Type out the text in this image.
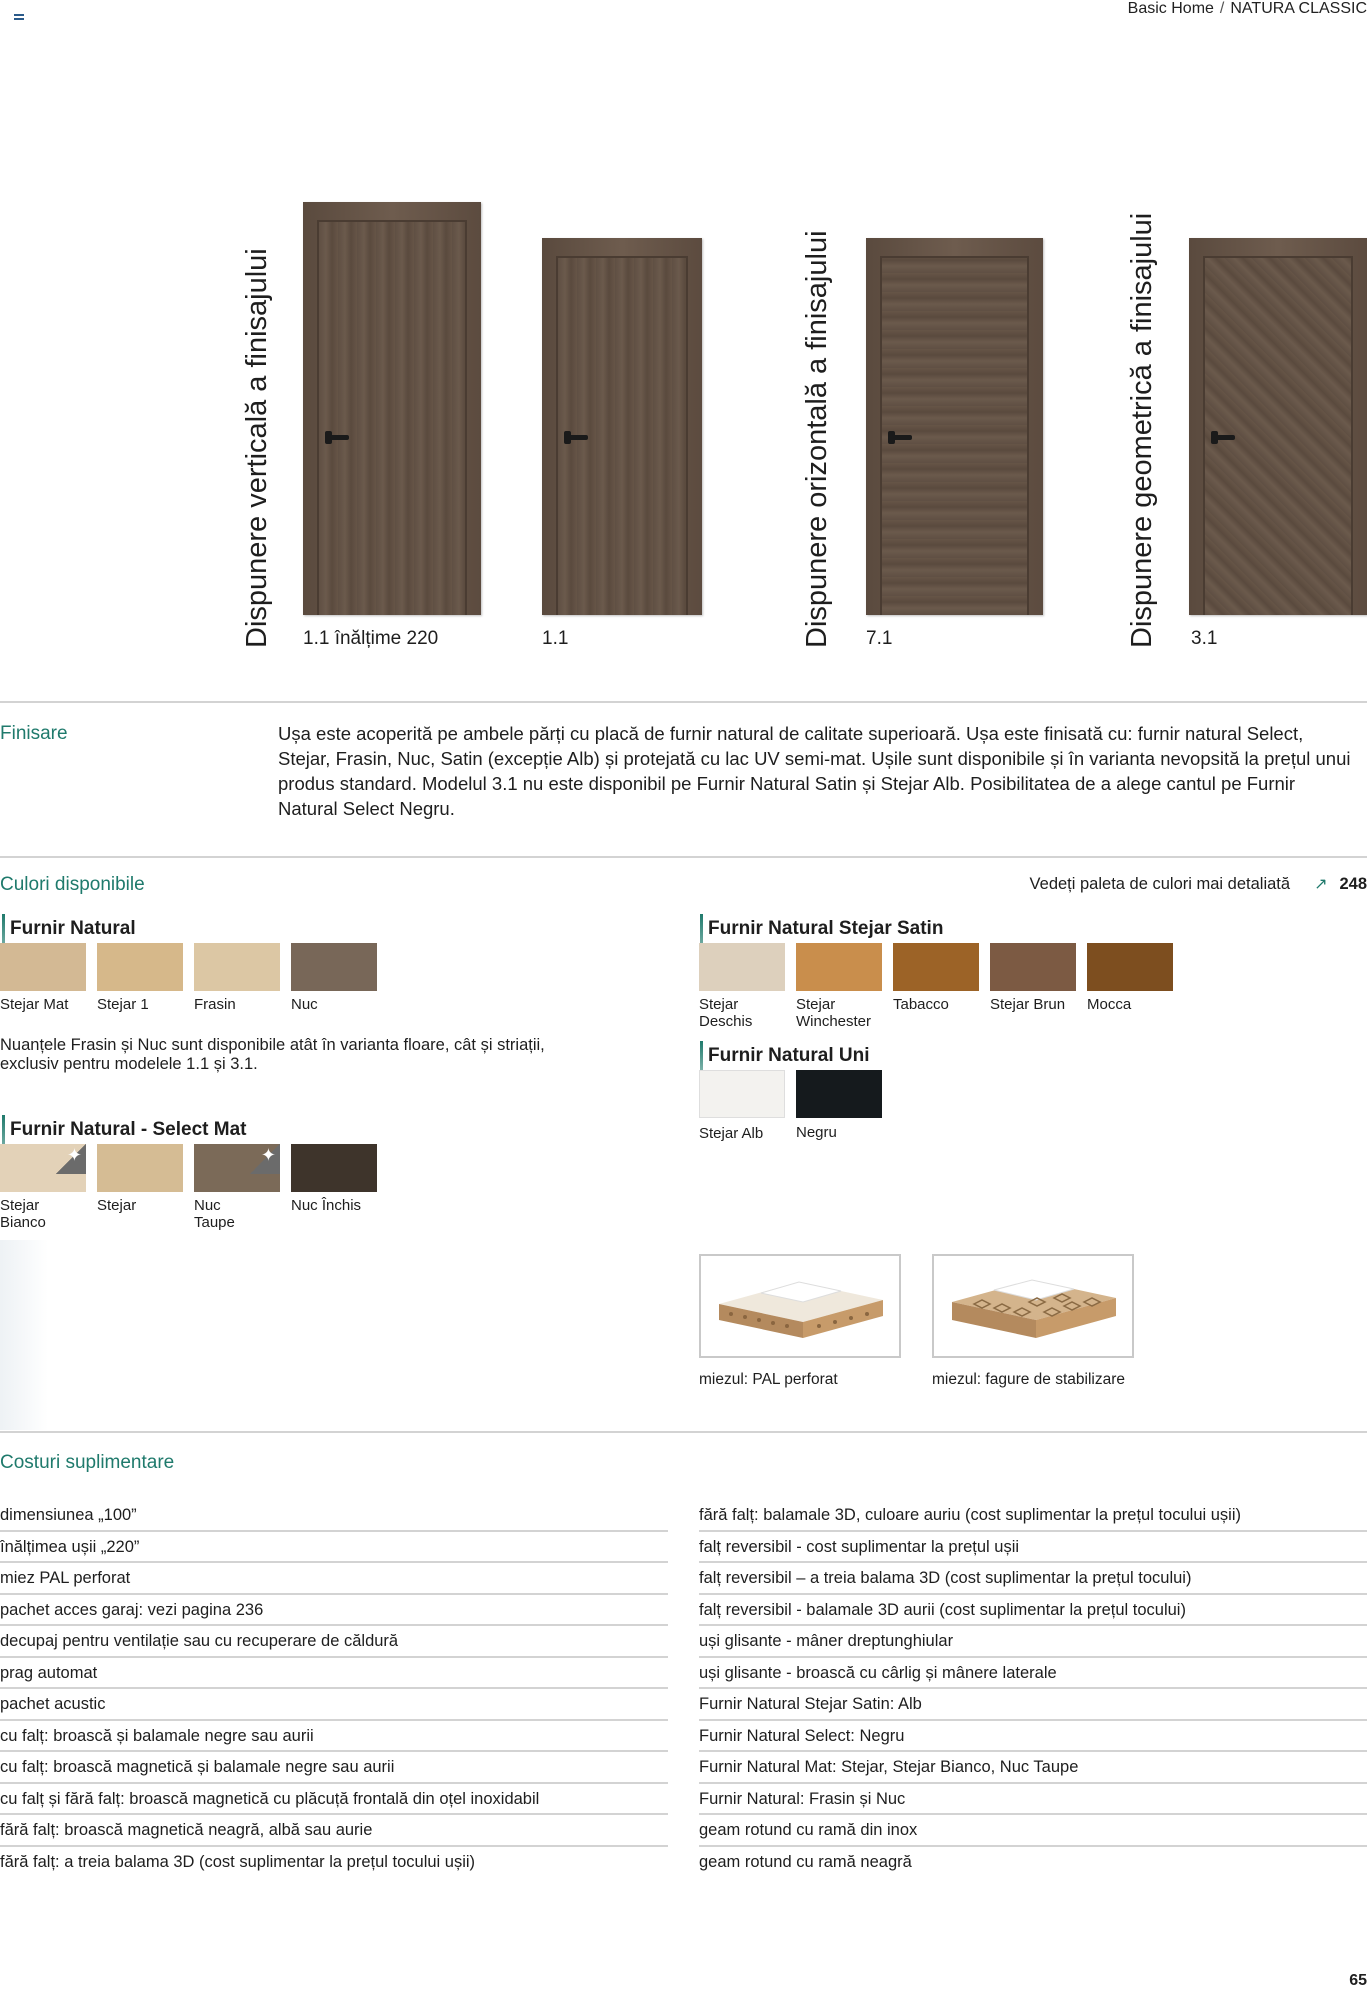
Basic Home / NATURA CLASSIC
Dispunere verticală a finisajului	Dispunere orizontală a finisajului	Dispunere geometrică a finisajului
1.1 înălțime 220	1.1	7.1	3.1
Finisare	Ușa este acoperită pe ambele părți cu placă de furnir natural de calitate superioară. Ușa este finisată cu: furnir natural Select, Stejar, Frasin, Nuc, Satin (excepție Alb) și protejată cu lac UV semi-mat. Ușile sunt disponibile și în varianta nevopsită la prețul unui produs standard. Modelul 3.1 nu este disponibil pe Furnir Natural Satin și Stejar Alb. Posibilitatea de a alege cantul pe Furnir Natural Select Negru.
Culori disponibile	Vedeți paleta de culori mai detaliată ↗ 248
Furnir Natural
Stejar Mat	Stejar 1	Frasin	Nuc
Nuanțele Frasin și Nuc sunt disponibile atât în varianta floare, cât și striații, exclusiv pentru modelele 1.1 și 3.1.
Furnir Natural - Select Mat
✦	✦
Stejar Bianco
Stejar	Nuc Taupe
Nuc Închis
Furnir Natural Stejar Satin
Stejar Deschis
Stejar Winchester
Tabacco	Stejar Brun	Mocca
Furnir Natural Uni
Stejar Alb	Negru
miezul: PAL perforat	miezul: fagure de stabilizare
Costuri suplimentare
dimensiunea „100”
înălțimea ușii „220”
miez PAL perforat
pachet acces garaj: vezi pagina 236
decupaj pentru ventilație sau cu recuperare de căldură
prag automat
pachet acustic
cu falț: broască și balamale negre sau aurii
cu falț: broască magnetică și balamale negre sau aurii
cu falț și fără falț: broască magnetică cu plăcuță frontală din oțel inoxidabil
fără falț: broască magnetică neagră, albă sau aurie
fără falț: a treia balama 3D (cost suplimentar la prețul tocului ușii)
fără falț: balamale 3D, culoare auriu (cost suplimentar la prețul tocului ușii)
falț reversibil - cost suplimentar la prețul ușii
falț reversibil – a treia balama 3D (cost suplimentar la prețul tocului)
falț reversibil - balamale 3D aurii (cost suplimentar la prețul tocului)
uși glisante - mâner dreptunghiular
uși glisante - broască cu cârlig și mânere laterale
Furnir Natural Stejar Satin: Alb
Furnir Natural Select: Negru
Furnir Natural Mat: Stejar, Stejar Bianco, Nuc Taupe
Furnir Natural: Frasin și Nuc
geam rotund cu ramă din inox
geam rotund cu ramă neagră
65
